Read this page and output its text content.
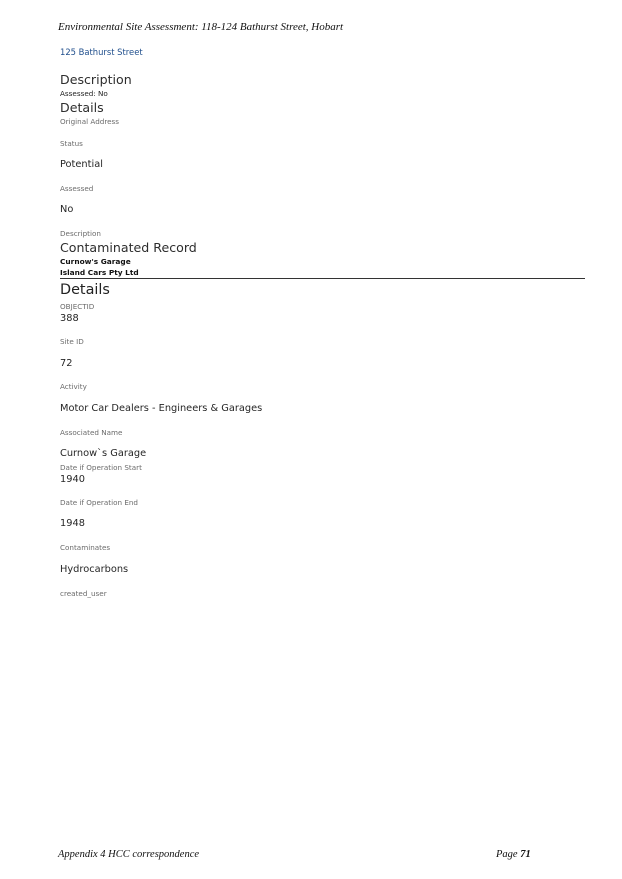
Environmental Site Assessment: 118-124 Bathurst Street, Hobart
125 Bathurst Street
Description
Assessed: No
Details
Original Address
Status
Potential
Assessed
No
Description
Contaminated Record
Curnow's Garage
Island Cars Pty Ltd
Details
OBJECTID
388
Site ID
72
Activity
Motor Car Dealers - Engineers & Garages
Associated Name
Curnow`s Garage
Date if Operation Start
1940
Date if Operation End
1948
Contaminates
Hydrocarbons
created_user
Appendix 4 HCC correspondence	Page 71
